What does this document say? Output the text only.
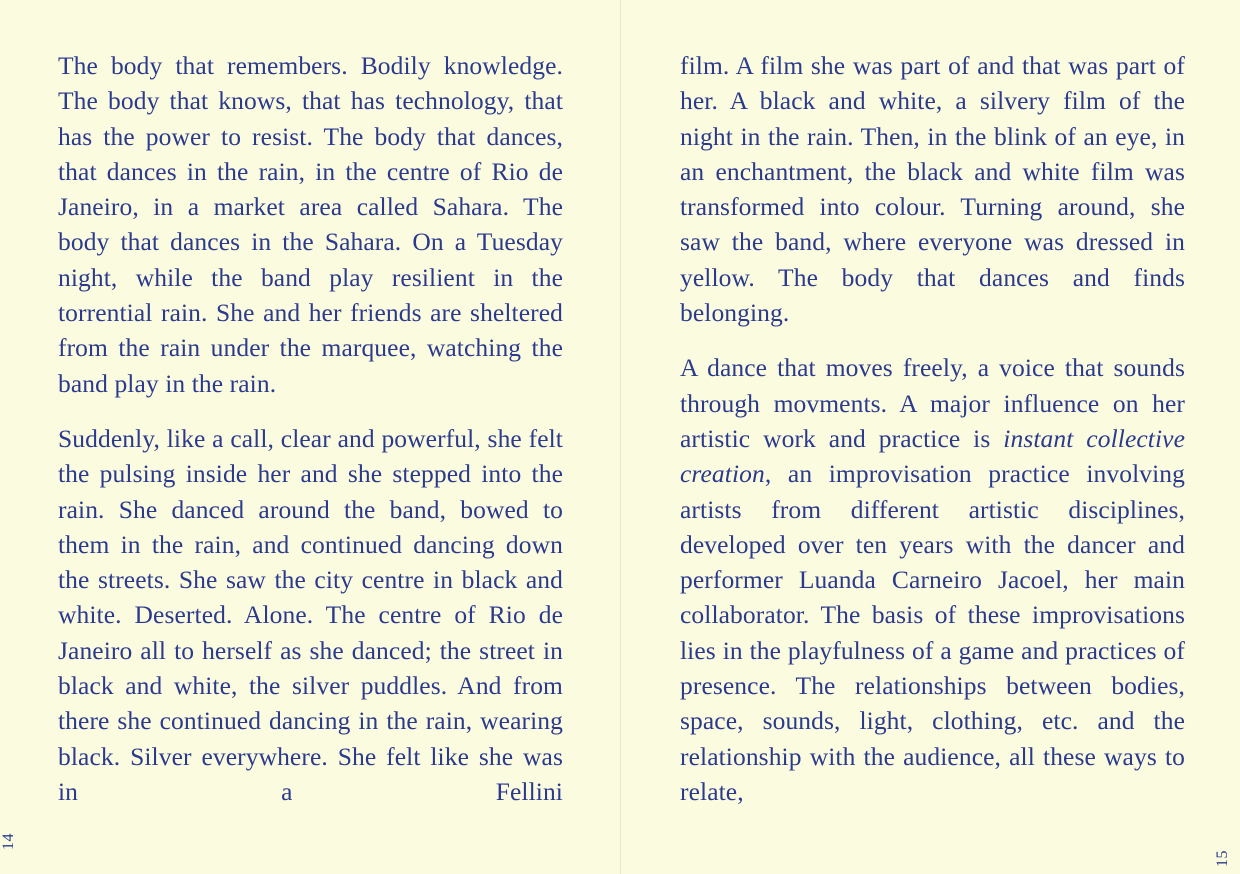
The body that remembers. Bodily knowledge. The body that knows, that has technology, that has the power to resist. The body that dances, that dances in the rain, in the centre of Rio de Janeiro, in a market area called Sahara. The body that dances in the Sahara. On a Tuesday night, while the band play resilient in the torrential rain. She and her friends are sheltered from the rain under the marquee, watching the band play in the rain.

Suddenly, like a call, clear and powerful, she felt the pulsing inside her and she stepped into the rain. She danced around the band, bowed to them in the rain, and continued dancing down the streets. She saw the city centre in black and white. Deserted. Alone. The centre of Rio de Janeiro all to herself as she danced; the street in black and white, the silver puddles. And from there she continued dancing in the rain, wearing black. Silver everywhere. She felt like she was in a Fellini

14

film. A film she was part of and that was part of her. A black and white, a silvery film of the night in the rain. Then, in the blink of an eye, in an enchantment, the black and white film was transformed into colour. Turning around, she saw the band, where everyone was dressed in yellow. The body that dances and finds belonging.

A dance that moves freely, a voice that sounds through movments. A major influence on her artistic work and practice is instant collective creation, an improvisation practice involving artists from different artistic disciplines, developed over ten years with the dancer and performer Luanda Carneiro Jacoel, her main collaborator. The basis of these improvisations lies in the playfulness of a game and practices of presence. The relationships between bodies, space, sounds, light, clothing, etc. and the relationship with the audience, all these ways to relate,

15
